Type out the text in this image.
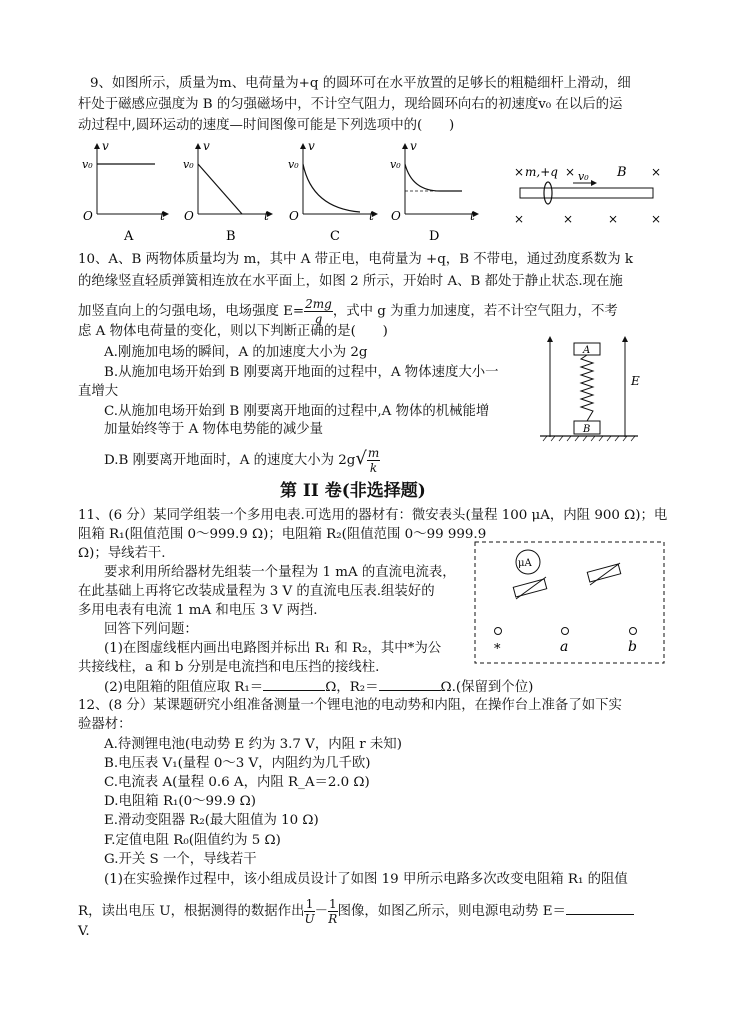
9、如图所示，质量为m、电荷量为+q 的圆环可在水平放置的足够长的粗糙细杆上滑动，细
杆处于磁感应强度为 B 的匀强磁场中，不计空气阻力，现给圆环向右的初速度v₀ 在以后的运
动过程中,圆环运动的速度—时间图像可能是下列选项中的(　　)
v
v₀
O	t
A
v
v₀
O	t
B
v
v₀
O	t
C
v
v₀
O	t
D
×	×	×
×	×	×	×
m,+q v₀ B
10、A、B 两物体质量均为 m，其中 A 带正电，电荷量为 +q，B 不带电，通过劲度系数为 k
的绝缘竖直轻质弹簧相连放在水平面上，如图 2 所示，开始时 A、B 都处于静止状态.现在施
加竖直向上的匀强电场，电场强度 $E= \frac{2mg}{q}$ ，式中 g 为重力加速度，若不计空气阻力，不考
虑 A 物体电荷量的变化，则以下判断正确的是(　　)
A.刚施加电场的瞬间，A 的加速度大小为 2g
B.从施加电场开始到 B 刚要离开地面的过程中，A 物体速度大小一
直增大
C.从施加电场开始到 B 刚要离开地面的过程中,A 物体的机械能增
加量始终等于 A 物体电势能的减少量
D.B 刚要离开地面时，A 的速度大小为 $2g√ \frac{m}{k}$
E
A
B
第 II 卷(非选择题)
11、(6 分）某同学组装一个多用电表.可选用的器材有：微安表头(量程 100 μA，内阻 900 Ω)；电
阻箱 R₁(阻值范围 0～999.9 Ω)；电阻箱 R₂(阻值范围 0～99 999.9
Ω)；导线若干.
要求利用所给器材先组装一个量程为 1 mA 的直流电流表，
在此基础上再将它改装成量程为 3 V 的直流电压表.组装好的
多用电表有电流 1 mA 和电压 3 V 两挡.
回答下列问题：
(1)在图虚线框内画出电路图并标出 R₁ 和 R₂，其中*为公
共接线柱，a 和 b 分别是电流挡和电压挡的接线柱.
(2)电阻箱的阻值应取 R₁＝	Ω，R₂＝	Ω.(保留到个位)
μA
*	a	b
12、(8 分）某课题研究小组准备测量一个锂电池的电动势和内阻，在操作台上准备了如下实
验器材：
A.待测锂电池(电动势 E 约为 3.7 V，内阻 r 未知)
B.电压表 V₁(量程 0～3 V，内阻约为几千欧)
C.电流表 A(量程 0.6 A，内阻 R_A＝2.0 Ω)
D.电阻箱 R₁(0～99.9 Ω)
E.滑动变阻器 R₂(最大阻值为 10 Ω)
F.定值电阻 R₀(阻值约为 5 Ω)
G.开关 S 一个，导线若干
(1)在实验操作过程中，该小组成员设计了如图 19 甲所示电路多次改变电阻箱 R₁ 的阻值
R，读出电压 U，根据测得的数据作出 $\frac{1}{U} - \frac{1}{R}$ 图像，如图乙所示，则电源电动势 E＝
V.
